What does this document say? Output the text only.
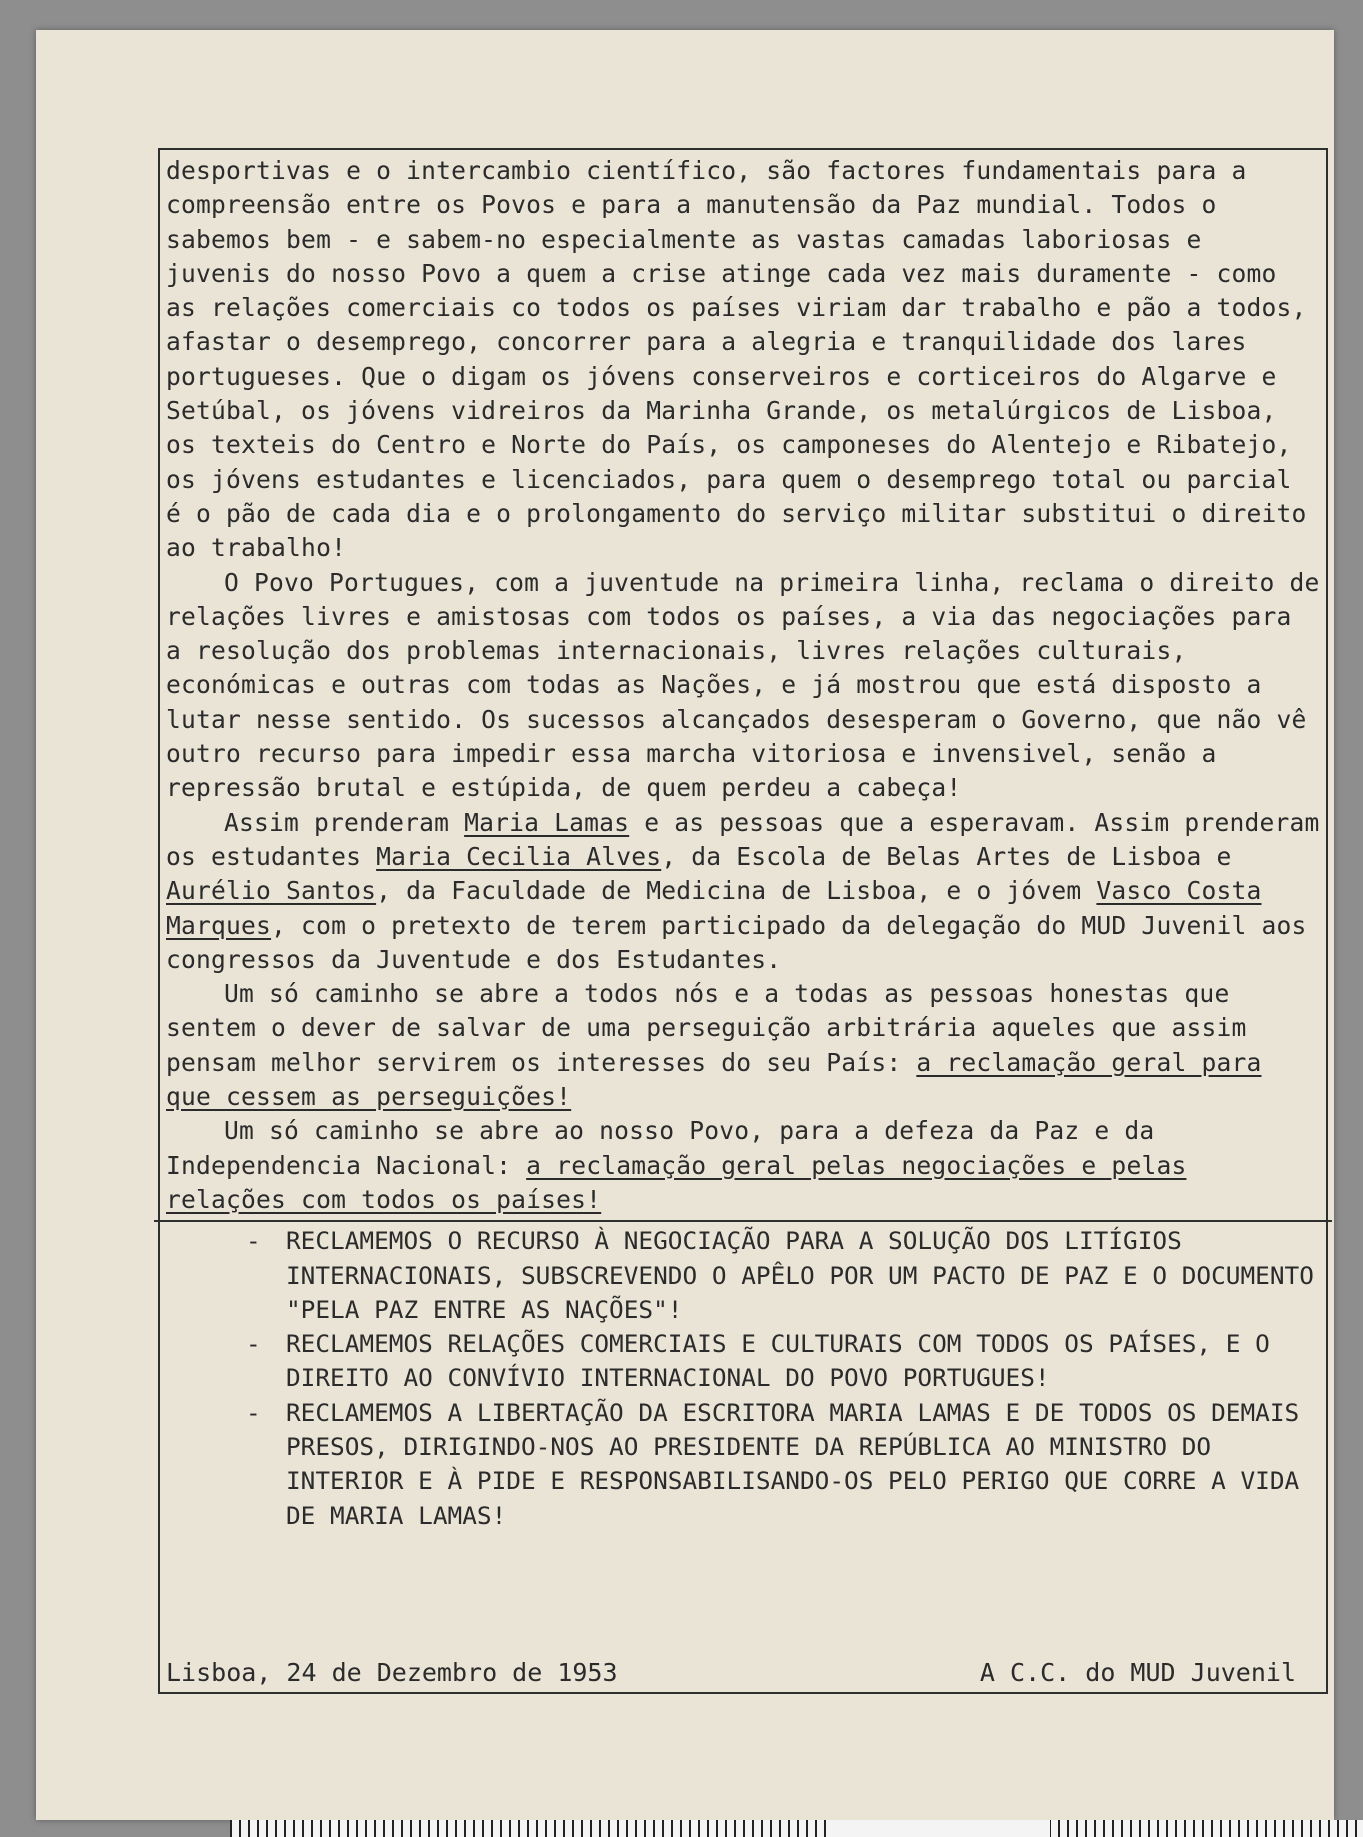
desportivas e o intercambio científico, são factores fundamentais para a compreensão entre os Povos e para a manutensão da Paz mundial. Todos o sabemos bem - e sabem-no especialmente as vastas camadas laboriosas e juvenis do nosso Povo a quem a crise atinge cada vez mais duramente - como as relações comerciais co todos os países viriam dar trabalho e pão a todos, afastar o desemprego, concorrer para a alegria e tranquilidade dos lares portugueses. Que o digam os jóvens conserveiros e corticeiros do Algarve e Setúbal, os jóvens vidreiros da Marinha Grande, os metalúrgicos de Lisboa, os texteis do Centro e Norte do País, os camponeses do Alentejo e Ribatejo, os jóvens estudantes e licenciados, para quem o desemprego total ou parcial é o pão de cada dia e o prolongamento do serviço militar substitui o direito ao trabalho!

O Povo Portugues, com a juventude na primeira linha, reclama o direito de relações livres e amistosas com todos os países, a via das negociações para a resolução dos problemas internacionais, livres relações culturais, económicas e outras com todas as Nações, e já mostrou que está disposto a lutar nesse sentido. Os sucessos alcançados desesperam o Governo, que não vê outro recurso para impedir essa marcha vitoriosa e invensivel, senão a repressão brutal e estúpida, de quem perdeu a cabeça!

Assim prenderam Maria Lamas e as pessoas que a esperavam. Assim prenderam os estudantes Maria Cecilia Alves, da Escola de Belas Artes de Lisboa e Aurélio Santos, da Faculdade de Medicina de Lisboa, e o jóvem Vasco Costa Marques, com o pretexto de terem participado da delegação do MUD Juvenil aos congressos da Juventude e dos Estudantes.

Um só caminho se abre a todos nós e a todas as pessoas honestas que sentem o dever de salvar de uma perseguição arbitrária aqueles que assim pensam melhor servirem os interesses do seu País: a reclamação geral para que cessem as perseguições!

Um só caminho se abre ao nosso Povo, para a defeza da Paz e da Independencia Nacional: a reclamação geral pelas negociações e pelas relações com todos os países!

- RECLAMEMOS O RECURSO À NEGOCIAÇÃO PARA A SOLUÇÃO DOS LITÍGIOS INTERNACIONAIS, SUBSCREVENDO O APÊLO POR UM PACTO DE PAZ E O DOCUMENTO "PELA PAZ ENTRE AS NAÇÕES"!
- RECLAMEMOS RELAÇÕES COMERCIAIS E CULTURAIS COM TODOS OS PAÍSES, E O DIREITO AO CONVÍVIO INTERNACIONAL DO POVO PORTUGUES!
- RECLAMEMOS A LIBERTAÇÃO DA ESCRITORA MARIA LAMAS E DE TODOS OS DEMAIS PRESOS, DIRIGINDO-NOS AO PRESIDENTE DA REPÚBLICA AO MINISTRO DO INTERIOR E À PIDE E RESPONSABILISANDO-OS PELO PERIGO QUE CORRE A VIDA DE MARIA LAMAS!
Lisboa, 24 de Dezembro de 1953	A C.C. do MUD Juvenil
